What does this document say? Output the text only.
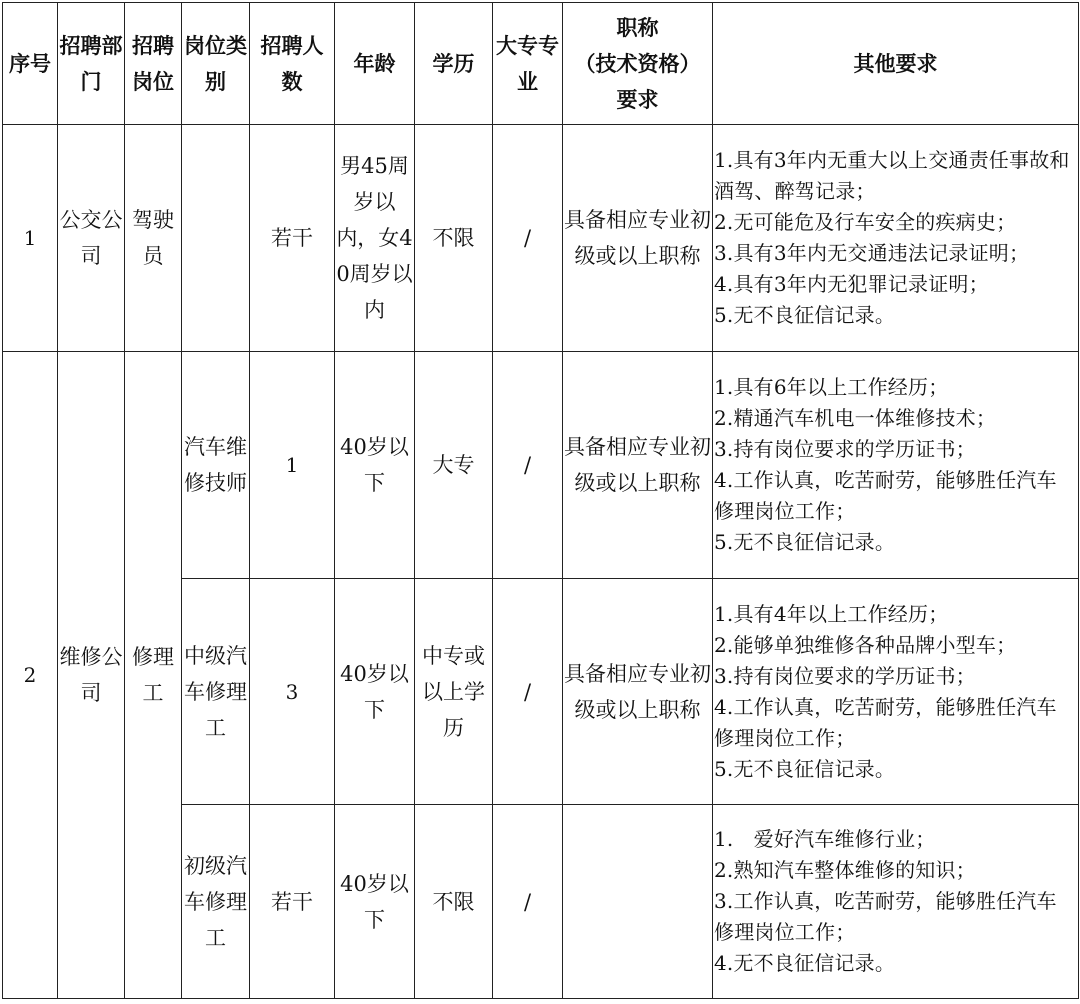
序号	招聘部门	招聘岗位	岗位类别	招聘人数	年龄	学历	大专专业	职称
（技术资格）
要求	其他要求
1	公交公司	驾驶员		若干	男45周岁以内，女40周岁以内	不限	/	具备相应专业初级或以上职称	1.具有3年内无重大以上交通责任事故和酒驾、醉驾记录；
2.无可能危及行车安全的疾病史；
3.具有3年内无交通违法记录证明；
4.具有3年内无犯罪记录证明；
5.无不良征信记录。

2	维修公司	修理工	汽车维修技师	1	40岁以下	大专	/	具备相应专业初级或以上职称	1.具有6年以上工作经历；
2.精通汽车机电一体维修技术；
3.持有岗位要求的学历证书；
4.工作认真，吃苦耐劳，能够胜任汽车修理岗位工作；
5.无不良征信记录。

			中级汽车修理工	3	40岁以下	中专或以上学历	/	具备相应专业初级或以上职称	1.具有4年以上工作经历；
2.能够单独维修各种品牌小型车；
3.持有岗位要求的学历证书；
4.工作认真，吃苦耐劳，能够胜任汽车修理岗位工作；
5.无不良征信记录。

			初级汽车修理工	若干	40岁以下	不限	/		1.　爱好汽车维修行业；
2.熟知汽车整体维修的知识；
3.工作认真，吃苦耐劳，能够胜任汽车修理岗位工作；
4.无不良征信记录。
